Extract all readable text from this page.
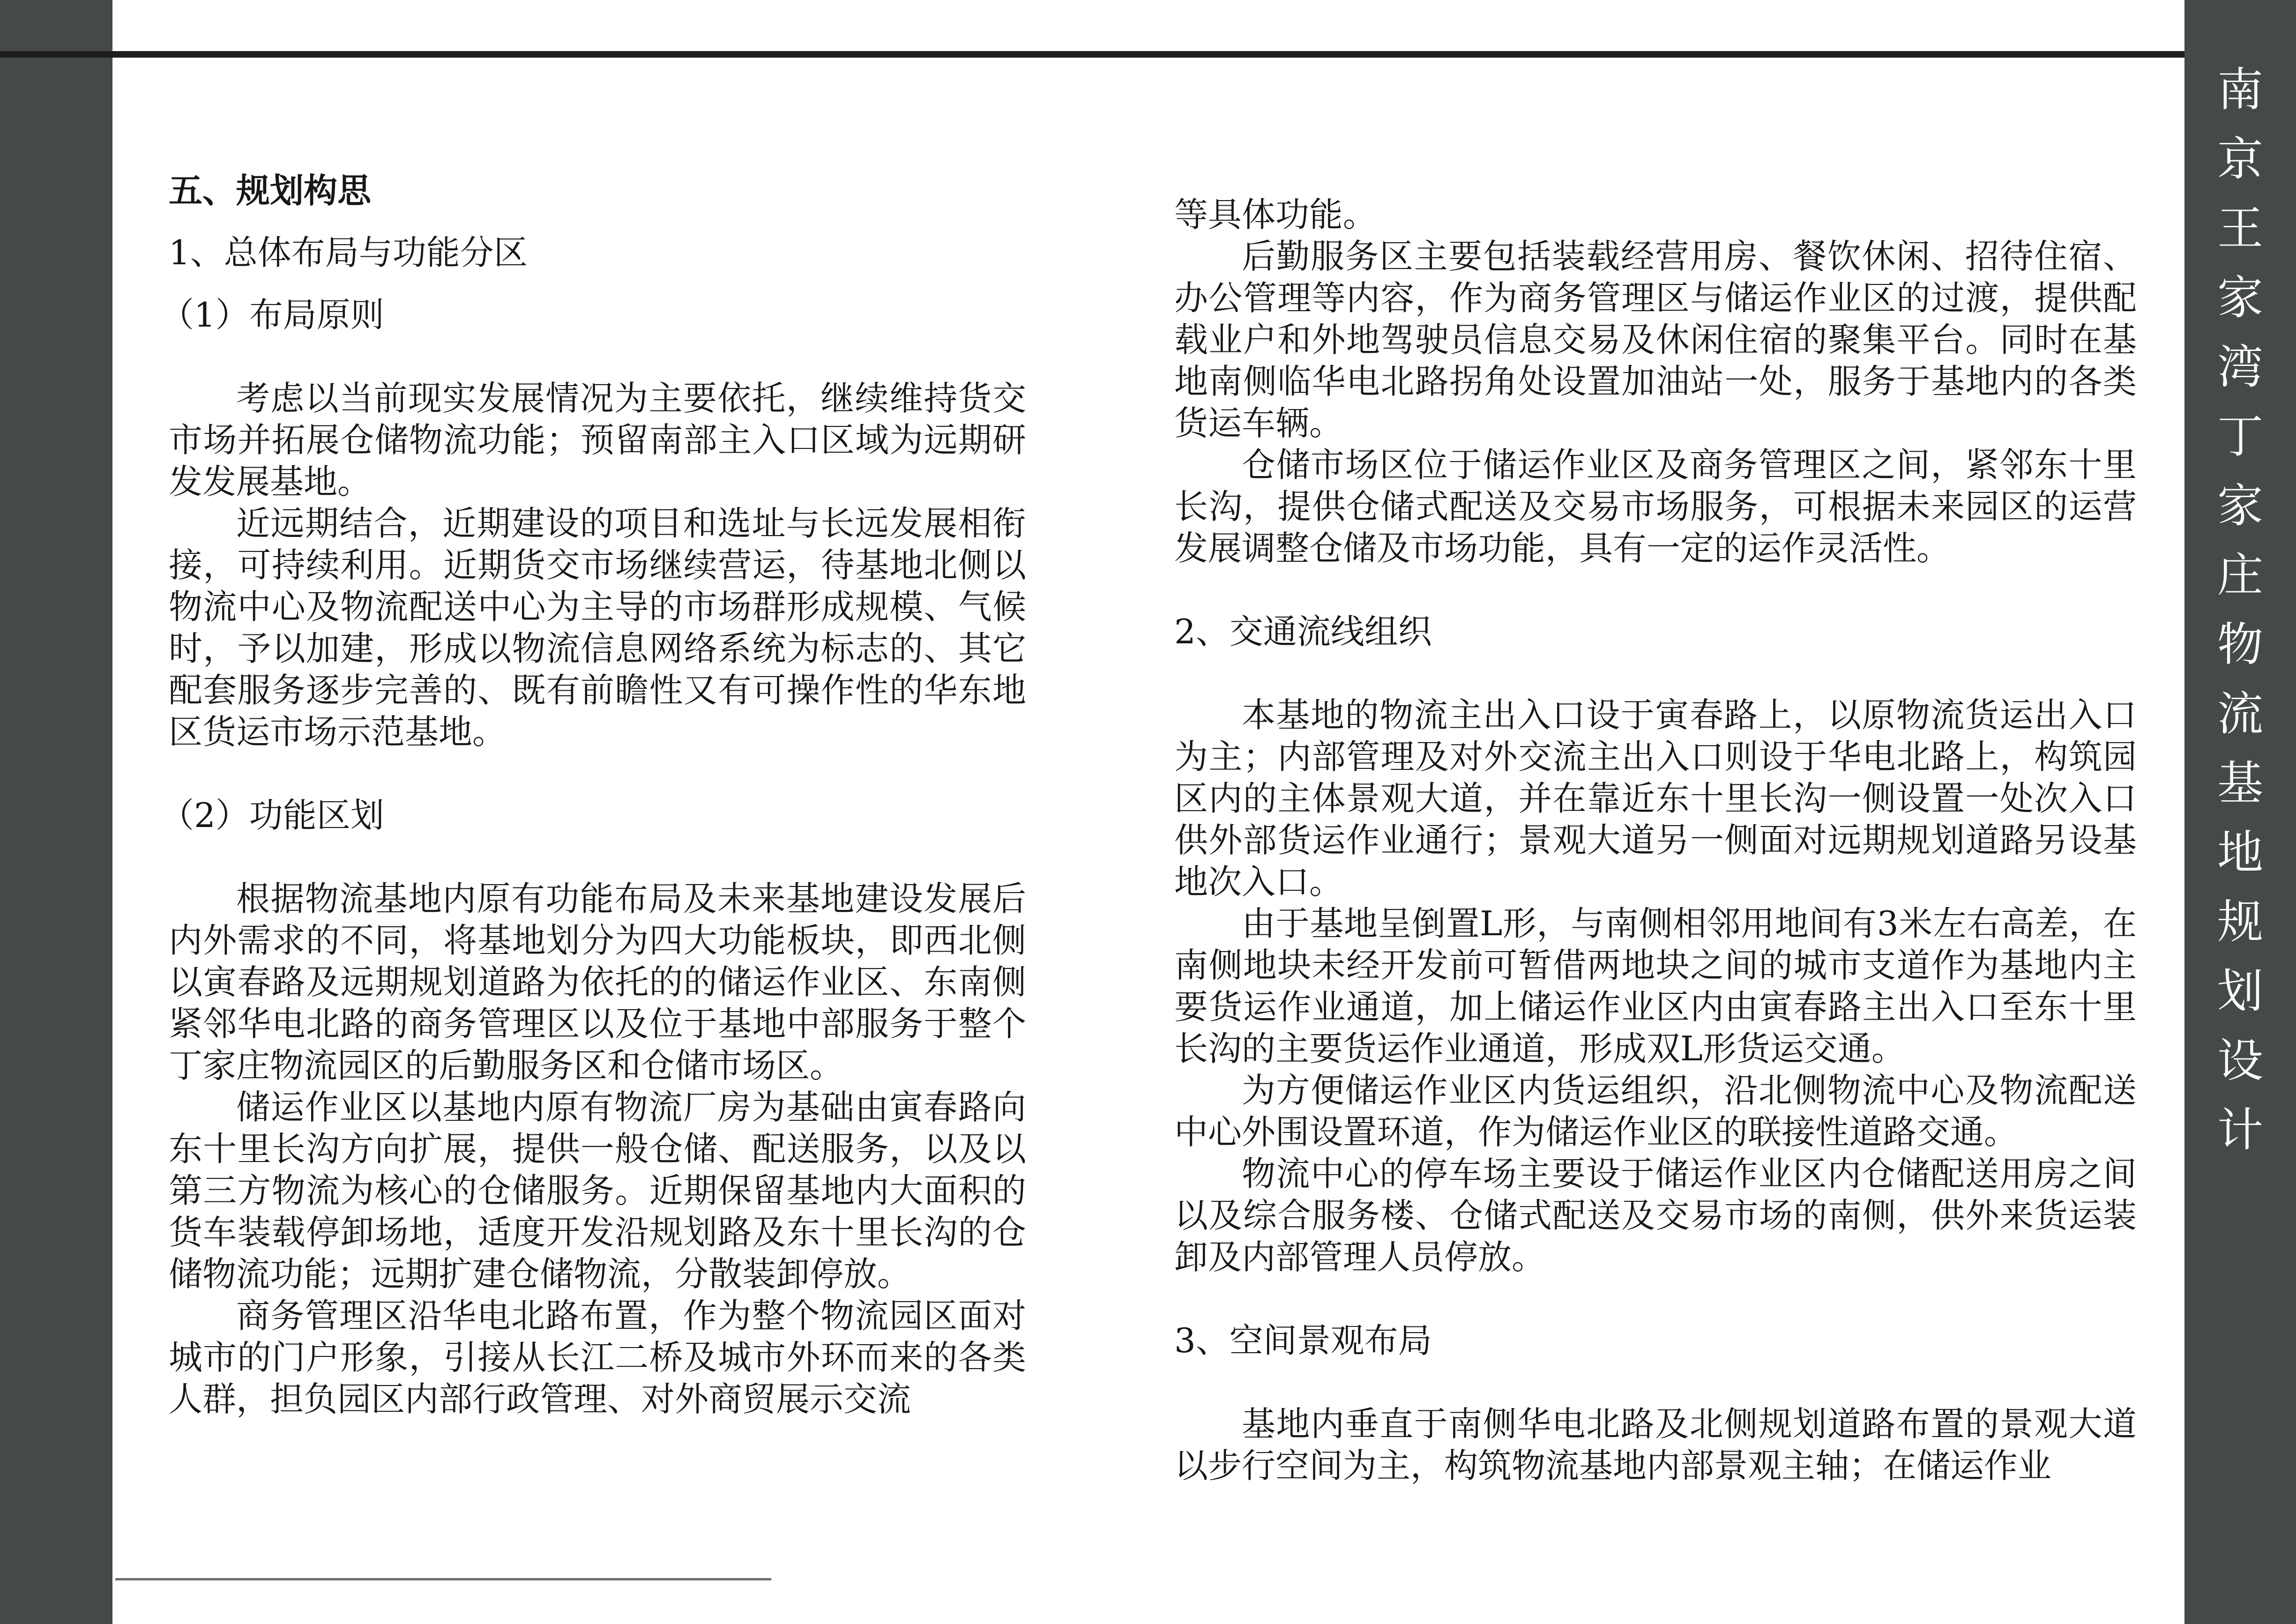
南
京
王
家
湾
丁
家
庄
物
流
基
地
规
划
设
计

五、规划构思

1、总体布局与功能分区

（1）布局原则

考虑以当前现实发展情况为主要依托，继续维持货交市场并拓展仓储物流功能；预留南部主入口区域为远期研发发展基地。

近远期结合，近期建设的项目和选址与长远发展相衔接，可持续利用。近期货交市场继续营运，待基地北侧以物流中心及物流配送中心为主导的市场群形成规模、气候时，予以加建，形成以物流信息网络系统为标志的、其它配套服务逐步完善的、既有前瞻性又有可操作性的华东地区货运市场示范基地。

（2）功能区划

根据物流基地内原有功能布局及未来基地建设发展后内外需求的不同，将基地划分为四大功能板块，即西北侧以寅春路及远期规划道路为依托的的储运作业区、东南侧紧邻华电北路的商务管理区以及位于基地中部服务于整个丁家庄物流园区的后勤服务区和仓储市场区。

储运作业区以基地内原有物流厂房为基础由寅春路向东十里长沟方向扩展，提供一般仓储、配送服务，以及以第三方物流为核心的仓储服务。近期保留基地内大面积的货车装载停卸场地，适度开发沿规划路及东十里长沟的仓储物流功能；远期扩建仓储物流，分散装卸停放。

商务管理区沿华电北路布置，作为整个物流园区面对城市的门户形象，引接从长江二桥及城市外环而来的各类人群，担负园区内部行政管理、对外商贸展示交流

等具体功能。

后勤服务区主要包括装载经营用房、餐饮休闲、招待住宿、办公管理等内容，作为商务管理区与储运作业区的过渡，提供配载业户和外地驾驶员信息交易及休闲住宿的聚集平台。同时在基地南侧临华电北路拐角处设置加油站一处，服务于基地内的各类货运车辆。

仓储市场区位于储运作业区及商务管理区之间，紧邻东十里长沟，提供仓储式配送及交易市场服务，可根据未来园区的运营发展调整仓储及市场功能，具有一定的运作灵活性。

2、交通流线组织

本基地的物流主出入口设于寅春路上，以原物流货运出入口为主；内部管理及对外交流主出入口则设于华电北路上，构筑园区内的主体景观大道，并在靠近东十里长沟一侧设置一处次入口供外部货运作业通行；景观大道另一侧面对远期规划道路另设基地次入口。

由于基地呈倒置L形，与南侧相邻用地间有3米左右高差，在南侧地块未经开发前可暂借两地块之间的城市支道作为基地内主要货运作业通道，加上储运作业区内由寅春路主出入口至东十里长沟的主要货运作业通道，形成双L形货运交通。

为方便储运作业区内货运组织，沿北侧物流中心及物流配送中心外围设置环道，作为储运作业区的联接性道路交通。

物流中心的停车场主要设于储运作业区内仓储配送用房之间以及综合服务楼、仓储式配送及交易市场的南侧，供外来货运装卸及内部管理人员停放。

3、空间景观布局

基地内垂直于南侧华电北路及北侧规划道路布置的景观大道以步行空间为主，构筑物流基地内部景观主轴；在储运作业
